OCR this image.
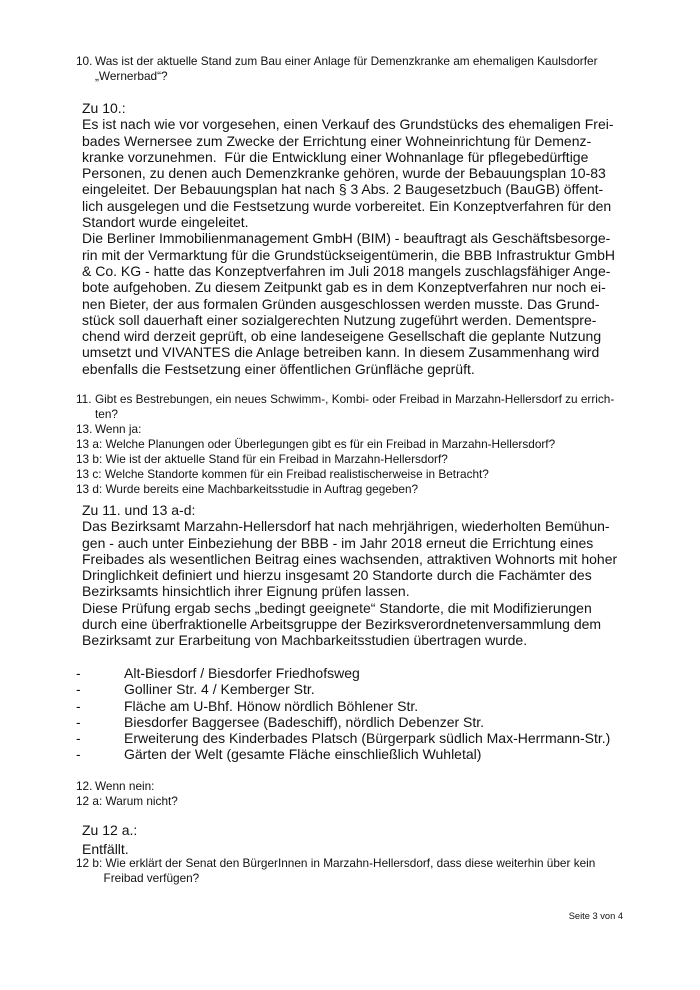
10. Was ist der aktuelle Stand zum Bau einer Anlage für Demenzkranke am ehemaligen Kaulsdorfer
„Wernerbad“?
Zu 10.:
Es ist nach wie vor vorgesehen, einen Verkauf des Grundstücks des ehemaligen Frei-
bades Wernersee zum Zwecke der Errichtung einer Wohneinrichtung für Demenz-
kranke vorzunehmen.  Für die Entwicklung einer Wohnanlage für pflegebedürftige
Personen, zu denen auch Demenzkranke gehören, wurde der Bebauungsplan 10-83
eingeleitet. Der Bebauungsplan hat nach § 3 Abs. 2 Baugesetzbuch (BauGB) öffent-
lich ausgelegen und die Festsetzung wurde vorbereitet. Ein Konzeptverfahren für den
Standort wurde eingeleitet.
Die Berliner Immobilienmanagement GmbH (BIM) - beauftragt als Geschäftsbesorge-
rin mit der Vermarktung für die Grundstückseigentümerin, die BBB Infrastruktur GmbH
& Co. KG - hatte das Konzeptverfahren im Juli 2018 mangels zuschlagsfähiger Ange-
bote aufgehoben. Zu diesem Zeitpunkt gab es in dem Konzeptverfahren nur noch ei-
nen Bieter, der aus formalen Gründen ausgeschlossen werden musste. Das Grund-
stück soll dauerhaft einer sozialgerechten Nutzung zugeführt werden. Dementspre-
chend wird derzeit geprüft, ob eine landeseigene Gesellschaft die geplante Nutzung
umsetzt und VIVANTES die Anlage betreiben kann. In diesem Zusammenhang wird
ebenfalls die Festsetzung einer öffentlichen Grünfläche geprüft.
11. Gibt es Bestrebungen, ein neues Schwimm-, Kombi- oder Freibad in Marzahn-Hellersdorf zu errich-
ten?
13. Wenn ja:
13 a: Welche Planungen oder Überlegungen gibt es für ein Freibad in Marzahn-Hellersdorf?
13 b: Wie ist der aktuelle Stand für ein Freibad in Marzahn-Hellersdorf?
13 c: Welche Standorte kommen für ein Freibad realistischerweise in Betracht?
13 d: Wurde bereits eine Machbarkeitsstudie in Auftrag gegeben?
Zu 11. und 13 a-d:
Das Bezirksamt Marzahn-Hellersdorf hat nach mehrjährigen, wiederholten Bemühun-
gen - auch unter Einbeziehung der BBB - im Jahr 2018 erneut die Errichtung eines
Freibades als wesentlichen Beitrag eines wachsenden, attraktiven Wohnorts mit hoher
Dringlichkeit definiert und hierzu insgesamt 20 Standorte durch die Fachämter des
Bezirksamts hinsichtlich ihrer Eignung prüfen lassen.
Diese Prüfung ergab sechs „bedingt geeignete“ Standorte, die mit Modifizierungen
durch eine überfraktionelle Arbeitsgruppe der Bezirksverordnetenversammlung dem
Bezirksamt zur Erarbeitung von Machbarkeitsstudien übertragen wurde.
-	Alt-Biesdorf / Biesdorfer Friedhofsweg
-	Golliner Str. 4 / Kemberger Str.
-	Fläche am U-Bhf. Hönow nördlich Böhlener Str.
-	Biesdorfer Baggersee (Badeschiff), nördlich Debenzer Str.
-	Erweiterung des Kinderbades Platsch (Bürgerpark südlich Max-Herrmann-Str.)
-	Gärten der Welt (gesamte Fläche einschließlich Wuhletal)
12. Wenn nein:
12 a: Warum nicht?
Zu 12 a.:
Entfällt.
12 b: Wie erklärt der Senat den BürgerInnen in Marzahn-Hellersdorf, dass diese weiterhin über kein
Freibad verfügen?
Seite 3 von 4
